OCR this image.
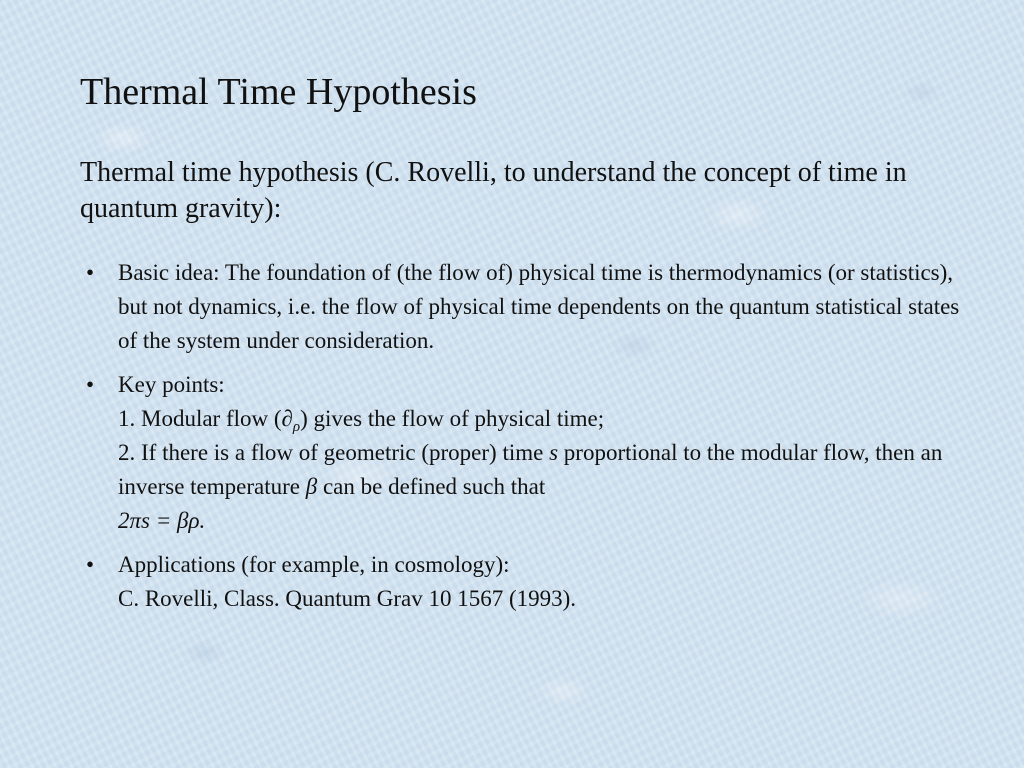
Thermal Time Hypothesis
Thermal time hypothesis (C. Rovelli, to understand the concept of time in quantum gravity):
• Basic idea: The foundation of (the flow of) physical time is thermodynamics (or statistics), but not dynamics, i.e. the flow of physical time dependents on the quantum statistical states of the system under consideration.
• Key points:
1. Modular flow $(\partial_\rho)$ gives the flow of physical time;
2. If there is a flow of geometric (proper) time s proportional to the modular flow, then an inverse temperature β can be defined such that
2πs = βρ.
• Applications (for example, in cosmology):
C. Rovelli, Class. Quantum Grav 10 1567 (1993).
